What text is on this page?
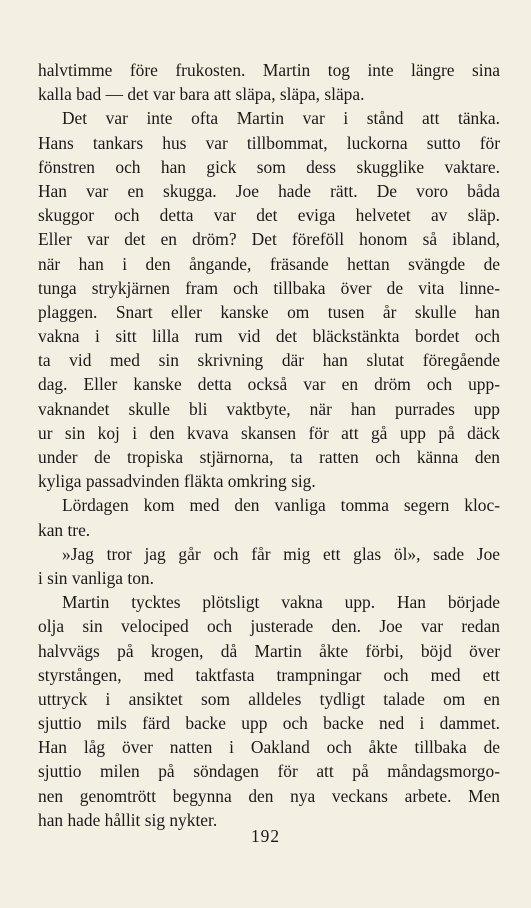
halvtimme före frukosten. Martin tog inte längre sina
kalla bad — det var bara att släpa, släpa, släpa.
Det var inte ofta Martin var i stånd att tänka.
Hans tankars hus var tillbommat, luckorna sutto för
fönstren och han gick som dess skugglike vaktare.
Han var en skugga. Joe hade rätt. De voro båda
skuggor och detta var det eviga helvetet av släp.
Eller var det en dröm? Det föreföll honom så ibland,
när han i den ångande, fräsande hettan svängde de
tunga strykjärnen fram och tillbaka över de vita linne-
plaggen. Snart eller kanske om tusen år skulle han
vakna i sitt lilla rum vid det bläckstänkta bordet och
ta vid med sin skrivning där han slutat föregående
dag. Eller kanske detta också var en dröm och upp-
vaknandet skulle bli vaktbyte, när han purrades upp
ur sin koj i den kvava skansen för att gå upp på däck
under de tropiska stjärnorna, ta ratten och känna den
kyliga passadvinden fläkta omkring sig.
Lördagen kom med den vanliga tomma segern kloc-
kan tre.
»Jag tror jag går och får mig ett glas öl», sade Joe
i sin vanliga ton.
Martin tycktes plötsligt vakna upp. Han började
olja sin velociped och justerade den. Joe var redan
halvvägs på krogen, då Martin åkte förbi, böjd över
styrstången, med taktfasta trampningar och med ett
uttryck i ansiktet som alldeles tydligt talade om en
sjuttio mils färd backe upp och backe ned i dammet.
Han låg över natten i Oakland och åkte tillbaka de
sjuttio milen på söndagen för att på måndagsmorgo-
nen genomtrött begynna den nya veckans arbete. Men
han hade hållit sig nykter.
192
